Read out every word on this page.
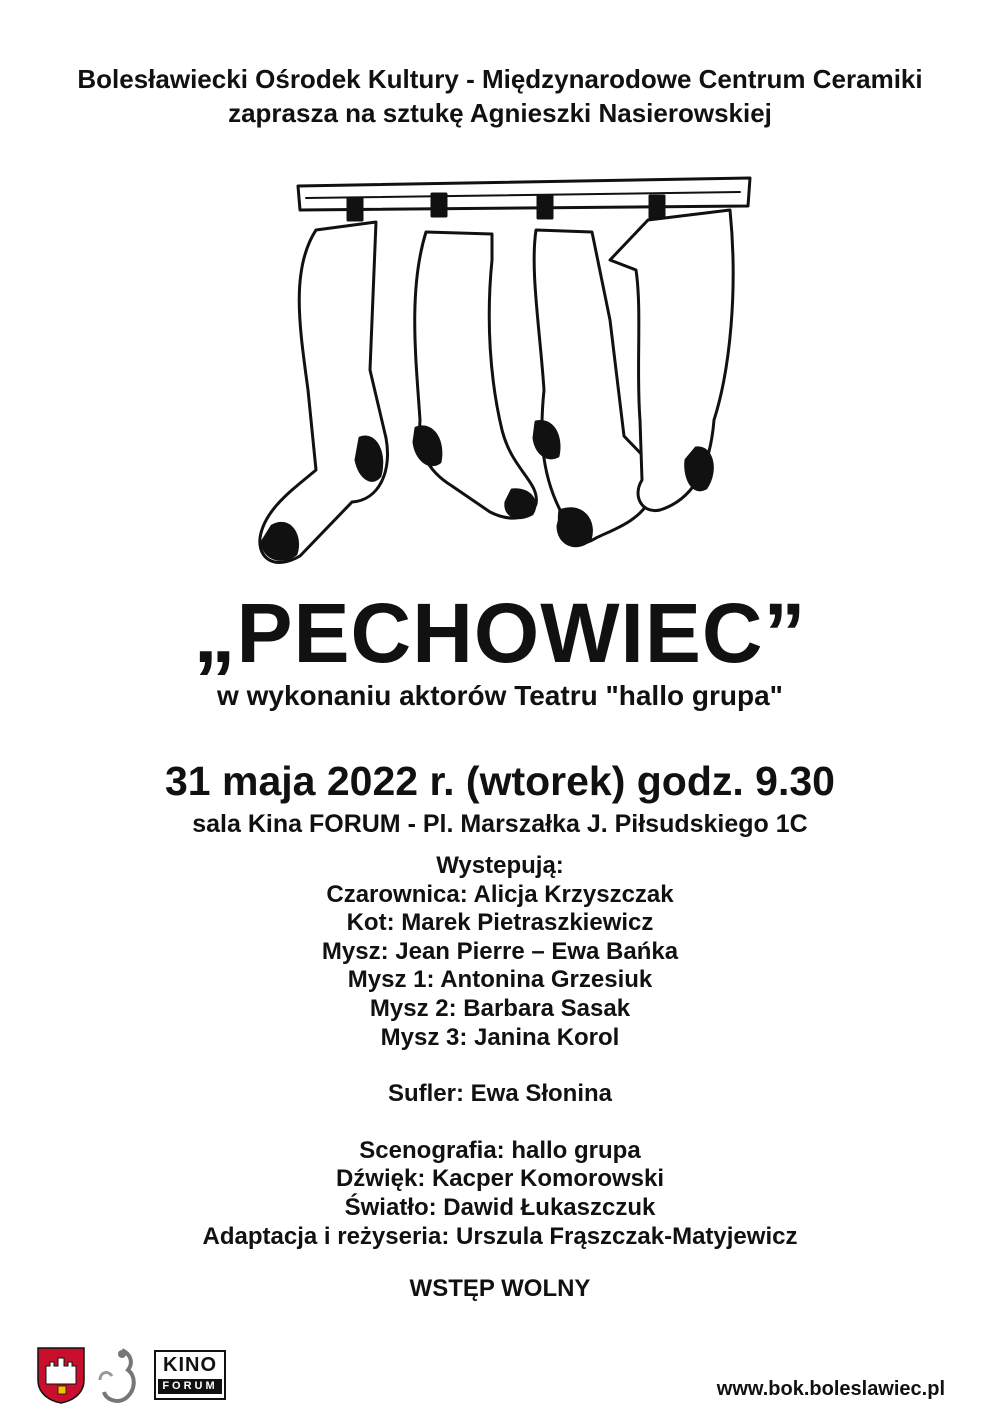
Bolesławiecki Ośrodek Kultury - Międzynarodowe Centrum Ceramiki
zaprasza na sztukę Agnieszki Nasierowskiej
„PECHOWIEC”
w wykonaniu aktorów Teatru "hallo grupa"
31 maja 2022 r. (wtorek) godz. 9.30
sala Kina FORUM - Pl. Marszałka J. Piłsudskiego 1C
Wystepują:
Czarownica: Alicja Krzyszczak
Kot: Marek Pietraszkiewicz
Mysz: Jean Pierre – Ewa Bańka
Mysz 1: Antonina Grzesiuk
Mysz 2: Barbara Sasak
Mysz 3: Janina Korol
Sufler: Ewa Słonina
Scenografia: hallo grupa
Dźwięk: Kacper Komorowski
Światło: Dawid Łukaszczuk
Adaptacja i reżyseria: Urszula Frąszczak-Matyjewicz
WSTĘP WOLNY
KINO
FORUM	www.bok.boleslawiec.pl
